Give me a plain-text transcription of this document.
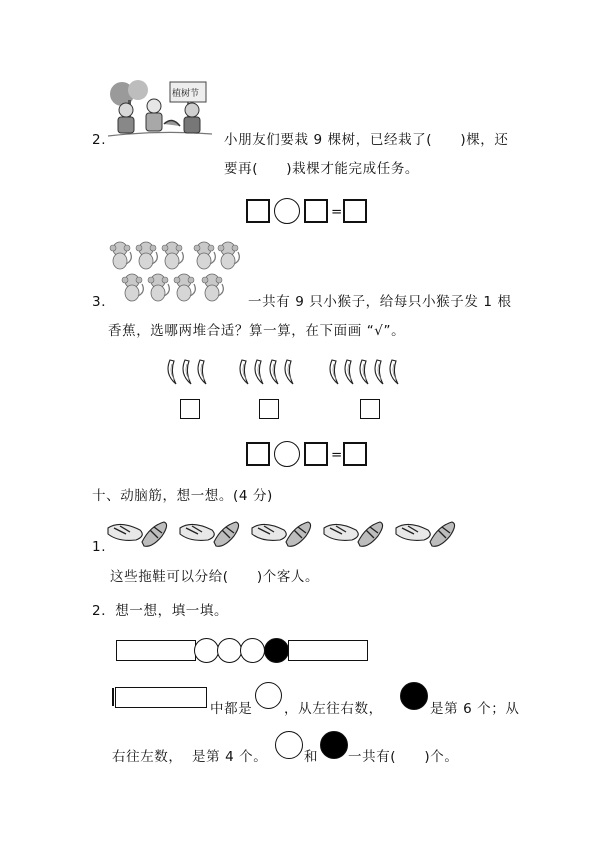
2.
植树节
小朋友们要栽 9 棵树，已经栽了(　　)棵，还
要再(　　)栽棵才能完成任务。
=
3．	一共有 9 只小猴子，给每只小猴子发 1 根
香蕉，选哪两堆合适？算一算，在下面画 “√”。
=
十、动脑筋，想一想。(4 分)
1.
这些拖鞋可以分给(　　)个客人。
2．想一想，填一填。
中都是 ，从左往右数，	是第 6 个；从
右往左数， 是第 4 个。	和 一共有(　　)个。
